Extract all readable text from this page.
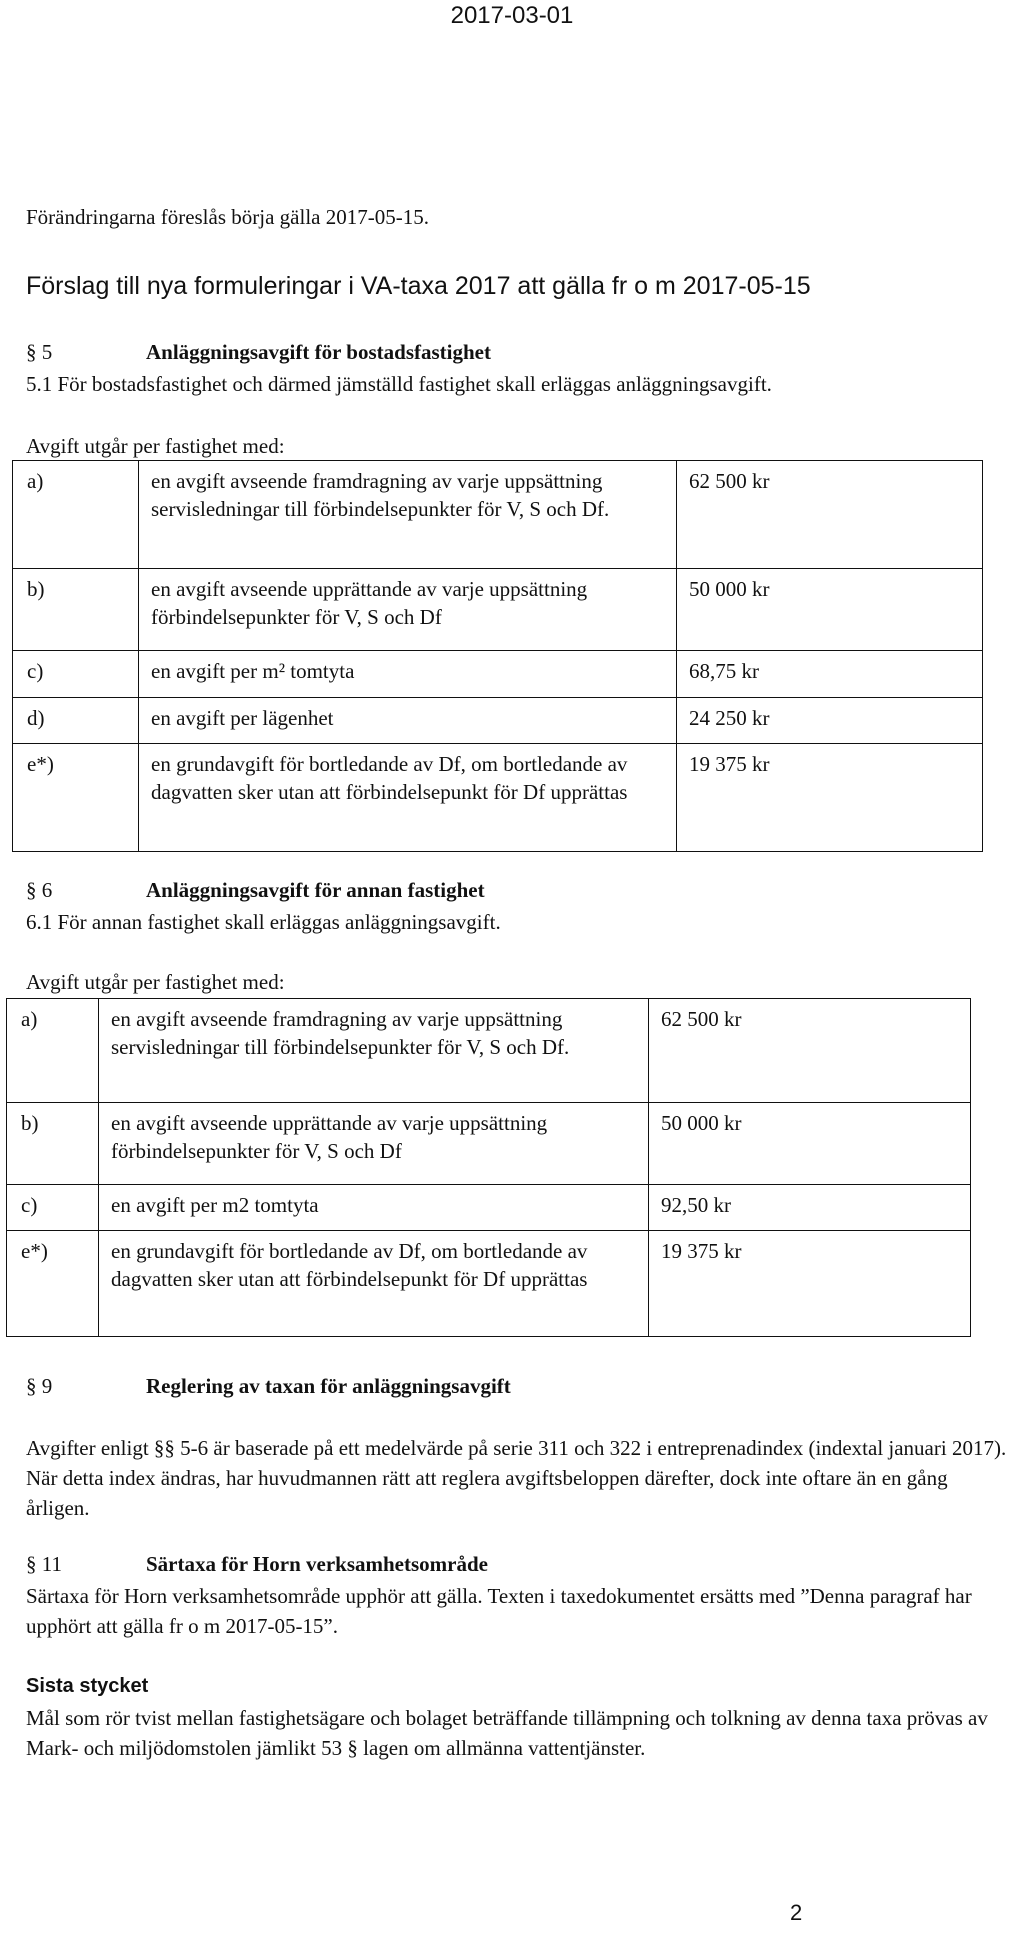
2017-03-01
Förändringarna föreslås börja gälla 2017-05-15.
Förslag till nya formuleringar i VA-taxa 2017 att gälla fr o m 2017-05-15
§ 5	Anläggningsavgift för bostadsfastighet
5.1 För bostadsfastighet och därmed jämställd fastighet skall erläggas anläggningsavgift.
Avgift utgår per fastighet med:
a)	en avgift avseende framdragning av varje uppsättning servisledningar till förbindelsepunkter för V, S och Df.	62 500 kr
b)	en avgift avseende upprättande av varje uppsättning förbindelsepunkter för V, S och Df	50 000 kr
c)	en avgift per m² tomtyta	68,75 kr
d)	en avgift per lägenhet	24 250 kr
e*)	en grundavgift för bortledande av Df, om bortledande av dagvatten sker utan att förbindelsepunkt för Df upprättas	19 375 kr
§ 6	Anläggningsavgift för annan fastighet
6.1 För annan fastighet skall erläggas anläggningsavgift.
Avgift utgår per fastighet med:
a)	en avgift avseende framdragning av varje uppsättning servisledningar till förbindelsepunkter för V, S och Df.	62 500 kr
b)	en avgift avseende upprättande av varje uppsättning förbindelsepunkter för V, S och Df	50 000 kr
c)	en avgift per m2 tomtyta	92,50 kr
e*)	en grundavgift för bortledande av Df, om bortledande av dagvatten sker utan att förbindelsepunkt för Df upprättas	19 375 kr
§ 9	Reglering av taxan för anläggningsavgift
Avgifter enligt §§ 5-6 är baserade på ett medelvärde på serie 311 och 322 i entreprenadindex (indextal januari 2017). När detta index ändras, har huvudmannen rätt att reglera avgiftsbeloppen därefter, dock inte oftare än en gång årligen.
§ 11	Särtaxa för Horn verksamhetsområde
Särtaxa för Horn verksamhetsområde upphör att gälla. Texten i taxedokumentet ersätts med ”Denna paragraf har upphört att gälla fr o m 2017-05-15”.
Sista stycket
Mål som rör tvist mellan fastighetsägare och bolaget beträffande tillämpning och tolkning av denna taxa prövas av Mark- och miljödomstolen jämlikt 53 § lagen om allmänna vattentjänster.
2
